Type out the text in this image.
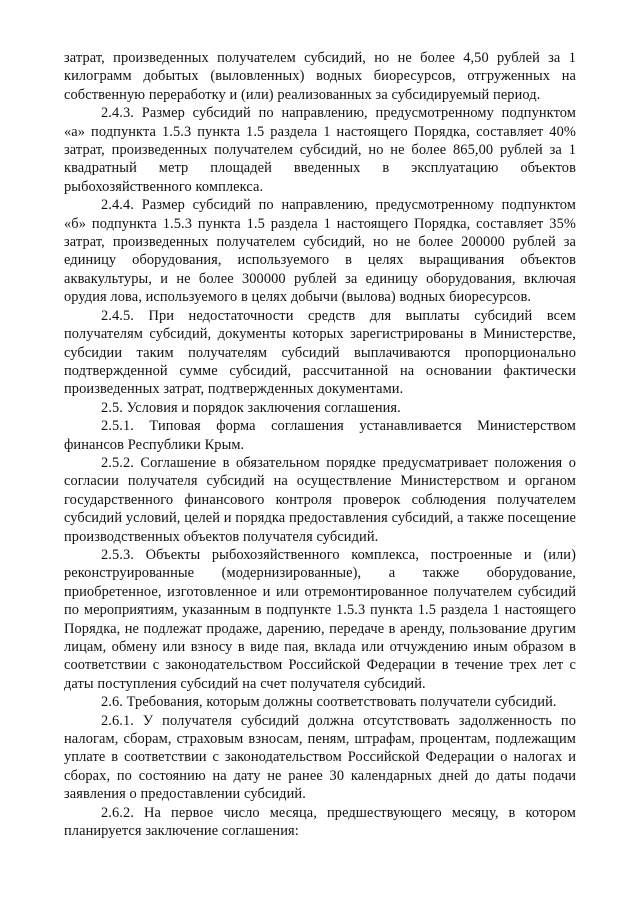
затрат, произведенных получателем субсидий, но не более 4,50 рублей за 1 килограмм добытых (выловленных) водных биоресурсов, отгруженных на собственную переработку и (или) реализованных за субсидируемый период.

2.4.3. Размер субсидий по направлению, предусмотренному подпунктом «а» подпункта 1.5.3 пункта 1.5 раздела 1 настоящего Порядка, составляет 40% затрат, произведенных получателем субсидий, но не более 865,00 рублей за 1 квадратный метр площадей введенных в эксплуатацию объектов рыбохозяйственного комплекса.

2.4.4. Размер субсидий по направлению, предусмотренному подпунктом «б» подпункта 1.5.3 пункта 1.5 раздела 1 настоящего Порядка, составляет 35% затрат, произведенных получателем субсидий, но не более 200000 рублей за единицу оборудования, используемого в целях выращивания объектов аквакультуры, и не более 300000 рублей за единицу оборудования, включая орудия лова, используемого в целях добычи (вылова) водных биоресурсов.

2.4.5. При недостаточности средств для выплаты субсидий всем получателям субсидий, документы которых зарегистрированы в Министерстве, субсидии таким получателям субсидий выплачиваются пропорционально подтвержденной сумме субсидий, рассчитанной на основании фактически произведенных затрат, подтвержденных документами.

2.5. Условия и порядок заключения соглашения.

2.5.1. Типовая форма соглашения устанавливается Министерством финансов Республики Крым.

2.5.2. Соглашение в обязательном порядке предусматривает положения о согласии получателя субсидий на осуществление Министерством и органом государственного финансового контроля проверок соблюдения получателем субсидий условий, целей и порядка предоставления субсидий, а также посещение производственных объектов получателя субсидий.

2.5.3. Объекты рыбохозяйственного комплекса, построенные и (или) реконструированные (модернизированные), а также оборудование, приобретенное, изготовленное и или отремонтированное получателем субсидий по мероприятиям, указанным в подпункте 1.5.3 пункта 1.5 раздела 1 настоящего Порядка, не подлежат продаже, дарению, передаче в аренду, пользование другим лицам, обмену или взносу в виде пая, вклада или отчуждению иным образом в соответствии с законодательством Российской Федерации в течение трех лет с даты поступления субсидий на счет получателя субсидий.

2.6. Требования, которым должны соответствовать получатели субсидий.

2.6.1. У получателя субсидий должна отсутствовать задолженность по налогам, сборам, страховым взносам, пеням, штрафам, процентам, подлежащим уплате в соответствии с законодательством Российской Федерации о налогах и сборах, по состоянию на дату не ранее 30 календарных дней до даты подачи заявления о предоставлении субсидий.

2.6.2. На первое число месяца, предшествующего месяцу, в котором планируется заключение соглашения:
